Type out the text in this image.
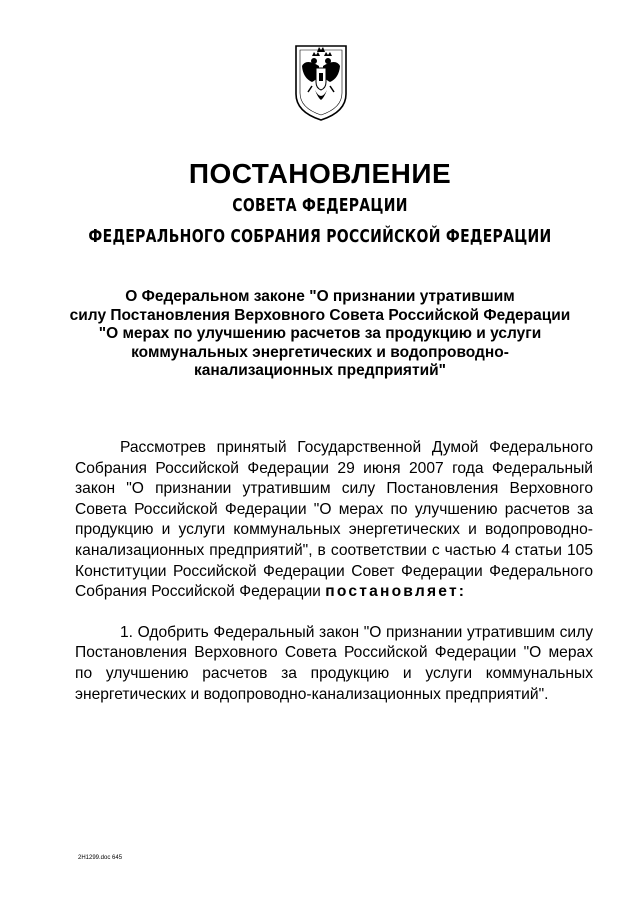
ПОСТАНОВЛЕНИЕ
СОВЕТА ФЕДЕРАЦИИ
ФЕДЕРАЛЬНОГО СОБРАНИЯ РОССИЙСКОЙ ФЕДЕРАЦИИ
О Федеральном законе "О признании утратившим
силу Постановления Верховного Совета Российской Федерации
"О мерах по улучшению расчетов за продукцию и услуги
коммунальных энергетических и водопроводно-
канализационных предприятий"

Рассмотрев принятый Государственной Думой Федерального Собрания Российской Федерации 29 июня 2007 года Федеральный закон "О признании утратившим силу Постановления Верховного Совета Российской Федерации "О мерах по улучшению расчетов за продукцию и услуги коммунальных энергетических и водопроводно-канализационных предприятий", в соответствии с частью 4 статьи 105 Конституции Российской Федерации Совет Федерации Федерального Собрания Российской Федерации постановляет:

1. Одобрить Федеральный закон "О признании утратившим силу Постановления Верховного Совета Российской Федерации "О мерах по улучшению расчетов за продукцию и услуги коммунальных энергетических и водопроводно-канализационных предприятий".

2Н1299.doc 645
